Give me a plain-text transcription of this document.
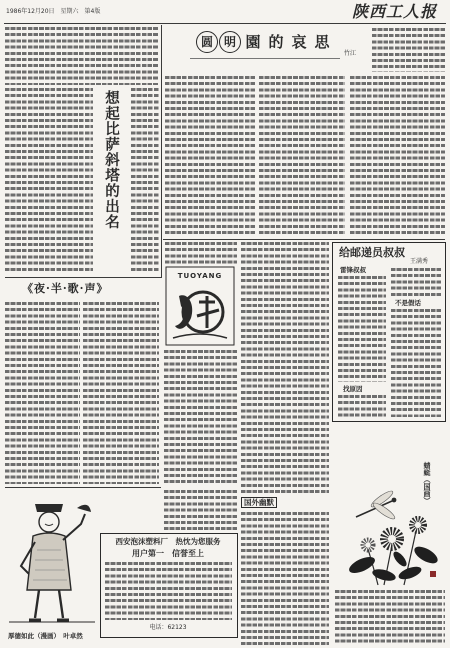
1986年12月20日　星期六　第4版	陕西工人报
想起比萨斜塔的出名
圆 明 園 的 哀 思
竹江
TUOYANG
国外幽默
《夜·半·歌·声》
厚德如此（漫画）　叶卓然
西安泡沫塑料厂　热忱为您服务
用户第一　信誉至上
电话：62123
给邮递员叔叔
王满秀
雷锋叔叔
找原因
不是假话
蜻蜓（国画）
